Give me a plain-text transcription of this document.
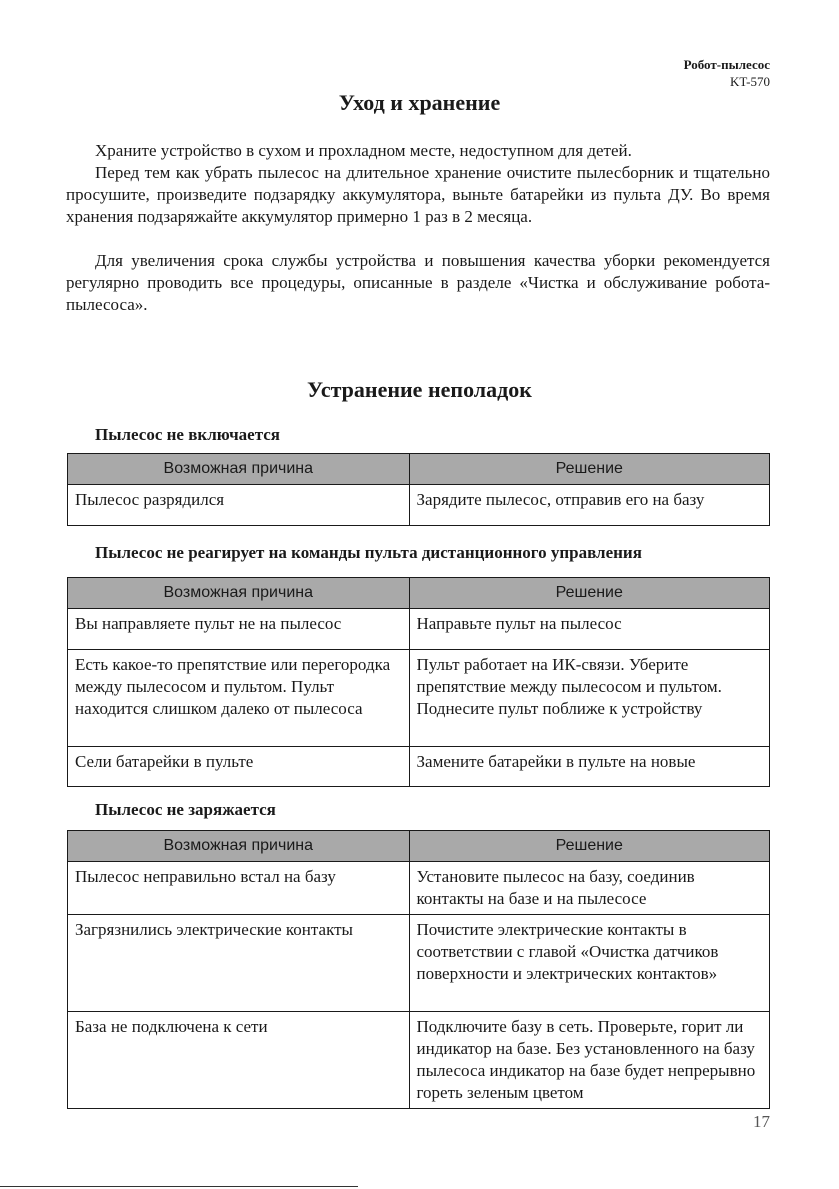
Робот-пылесос
KT-570
Уход и хранение

Храните устройство в сухом и прохладном месте, недоступном для детей.

Перед тем как убрать пылесос на длительное хранение очистите пылесборник и тщательно просушите, произведите подзарядку аккумулятора, выньте батарейки из пульта ДУ. Во время хранения подзаряжайте аккумулятор примерно 1 раз в 2 месяца.

Для увеличения срока службы устройства и повышения качества уборки рекомендуется регулярно проводить все процедуры, описанные в разделе «Чистка и обслуживание робота-пылесоса».

Устранение неполадок
Пылесос не включается
Возможная причина	Решение
Пылесос разрядился	Зарядите пылесос, отправив его на базу
Пылесос не реагирует на команды пульта дистанционного управления
Возможная причина	Решение
Вы направляете пульт не на пылесос	Направьте пульт на пылесос
Есть какое-то препятствие или перегородка между пылесосом и пультом. Пульт находится слишком далеко от пылесоса	Пульт работает на ИК-связи. Уберите препятствие между пылесосом и пультом. Поднесите пульт поближе к устройству
Сели батарейки в пульте	Замените батарейки в пульте на новые
Пылесос не заряжается
Возможная причина	Решение
Пылесос неправильно встал на базу	Установите пылесос на базу, соединив контакты на базе и на пылесосе
Загрязнились электрические контакты	Почистите электрические контакты в соответствии с главой «Очистка датчиков поверхности и электрических контактов»
База не подключена к сети	Подключите базу в сеть. Проверьте, горит ли индикатор на базе. Без установленного на базу пылесоса индикатор на базе будет непрерывно гореть зеленым цветом
17
